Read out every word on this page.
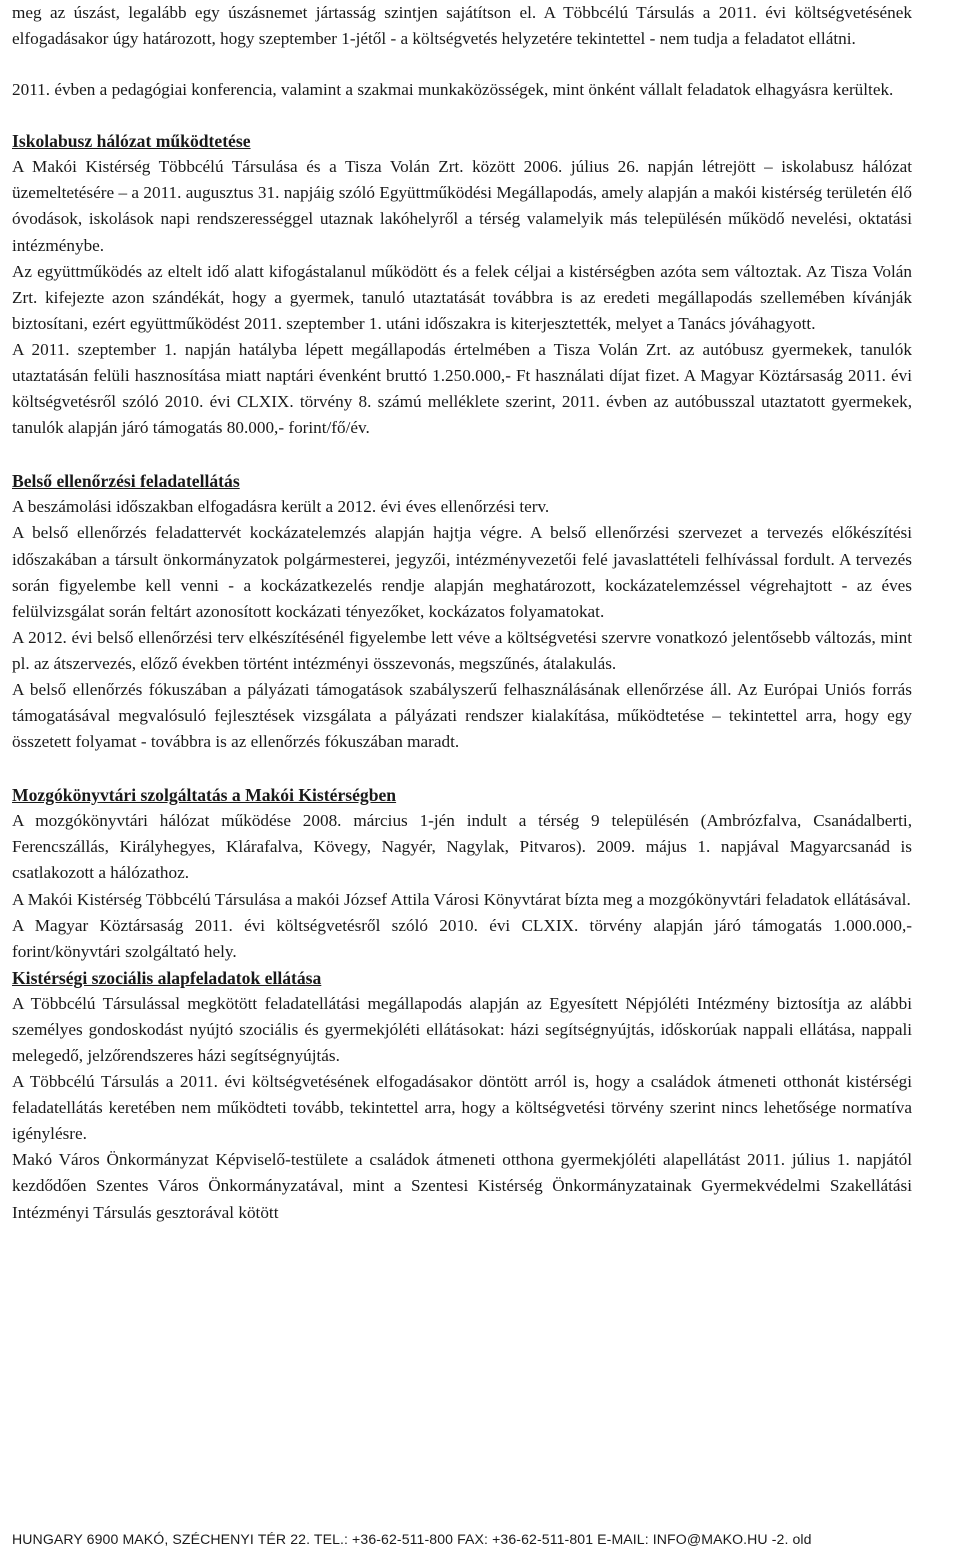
meg az úszást, legalább egy úszásnemet jártasság szintjen sajátítson el. A Többcélú Társulás a 2011. évi költségvetésének elfogadásakor úgy határozott, hogy szeptember 1-jétől - a költségvetés helyzetére tekintettel - nem tudja a feladatot ellátni.

2011. évben a pedagógiai konferencia, valamint a szakmai munkaközösségek, mint önként vállalt feladatok elhagyásra kerültek.

Iskolabusz hálózat működtetése

A Makói Kistérség Többcélú Társulása és a Tisza Volán Zrt. között 2006. július 26. napján létrejött – iskolabusz hálózat üzemeltetésére – a 2011. augusztus 31. napjáig szóló Együttműködési Megállapodás, amely alapján a makói kistérség területén élő óvodások, iskolások napi rendszerességgel utaznak lakóhelyről a térség valamelyik más településén működő nevelési, oktatási intézménybe.

Az együttműködés az eltelt idő alatt kifogástalanul működött és a felek céljai a kistérségben azóta sem változtak. Az Tisza Volán Zrt. kifejezte azon szándékát, hogy a gyermek, tanuló utaztatását továbbra is az eredeti megállapodás szellemében kívánják biztosítani, ezért együttműködést 2011. szeptember 1. utáni időszakra is kiterjesztették, melyet a Tanács jóváhagyott.

A 2011. szeptember 1. napján hatályba lépett megállapodás értelmében a Tisza Volán Zrt. az autóbusz gyermekek, tanulók utaztatásán felüli hasznosítása miatt naptári évenként bruttó 1.250.000,- Ft használati díjat fizet. A Magyar Köztársaság 2011. évi költségvetésről szóló 2010. évi CLXIX. törvény 8. számú melléklete szerint, 2011. évben az autóbusszal utaztatott gyermekek, tanulók alapján járó támogatás 80.000,- forint/fő/év.

Belső ellenőrzési feladatellátás

A beszámolási időszakban elfogadásra került a 2012. évi éves ellenőrzési terv.

A belső ellenőrzés feladattervét kockázatelemzés alapján hajtja végre. A belső ellenőrzési szervezet a tervezés előkészítési időszakában a társult önkormányzatok polgármesterei, jegyzői, intézményvezetői felé javaslattételi felhívással fordult. A tervezés során figyelembe kell venni - a kockázatkezelés rendje alapján meghatározott, kockázatelemzéssel végrehajtott - az éves felülvizsgálat során feltárt azonosított kockázati tényezőket, kockázatos folyamatokat.

A 2012. évi belső ellenőrzési terv elkészítésénél figyelembe lett véve a költségvetési szervre vonatkozó jelentősebb változás, mint pl. az átszervezés, előző években történt intézményi összevonás, megszűnés, átalakulás.

A belső ellenőrzés fókuszában a pályázati támogatások szabályszerű felhasználásának ellenőrzése áll. Az Európai Uniós forrás támogatásával megvalósuló fejlesztések vizsgálata a pályázati rendszer kialakítása, működtetése – tekintettel arra, hogy egy összetett folyamat - továbbra is az ellenőrzés fókuszában maradt.

Mozgókönyvtári szolgáltatás a Makói Kistérségben

A mozgókönyvtári hálózat működése 2008. március 1-jén indult a térség 9 településén (Ambrózfalva, Csanádalberti, Ferencszállás, Királyhegyes, Klárafalva, Kövegy, Nagyér, Nagylak, Pitvaros). 2009. május 1. napjával Magyarcsanád is csatlakozott a hálózathoz.

A Makói Kistérség Többcélú Társulása a makói József Attila Városi Könyvtárat bízta meg a mozgókönyvtári feladatok ellátásával.

A Magyar Köztársaság 2011. évi költségvetésről szóló 2010. évi CLXIX. törvény alapján járó támogatás 1.000.000,- forint/könyvtári szolgáltató hely.

Kistérségi szociális alapfeladatok ellátása

A Többcélú Társulással megkötött feladatellátási megállapodás alapján az Egyesített Népjóléti Intézmény biztosítja az alábbi személyes gondoskodást nyújtó szociális és gyermekjóléti ellátásokat: házi segítségnyújtás, időskorúak nappali ellátása, nappali melegedő, jelzőrendszeres házi segítségnyújtás.

A Többcélú Társulás a 2011. évi költségvetésének elfogadásakor döntött arról is, hogy a családok átmeneti otthonát kistérségi feladatellátás keretében nem működteti tovább, tekintettel arra, hogy a költségvetési törvény szerint nincs lehetősége normatíva igénylésre.

Makó Város Önkormányzat Képviselő-testülete a családok átmeneti otthona gyermekjóléti alapellátást 2011. július 1. napjától kezdődően Szentes Város Önkormányzatával, mint a Szentesi Kistérség Önkormányzatainak Gyermekvédelmi Szakellátási Intézményi Társulás gesztorával kötött

HUNGARY 6900 MAKÓ, SZÉCHENYI TÉR 22. TEL.: +36-62-511-800 FAX: +36-62-511-801 E-MAIL: INFO@MAKO.HU -2. old
